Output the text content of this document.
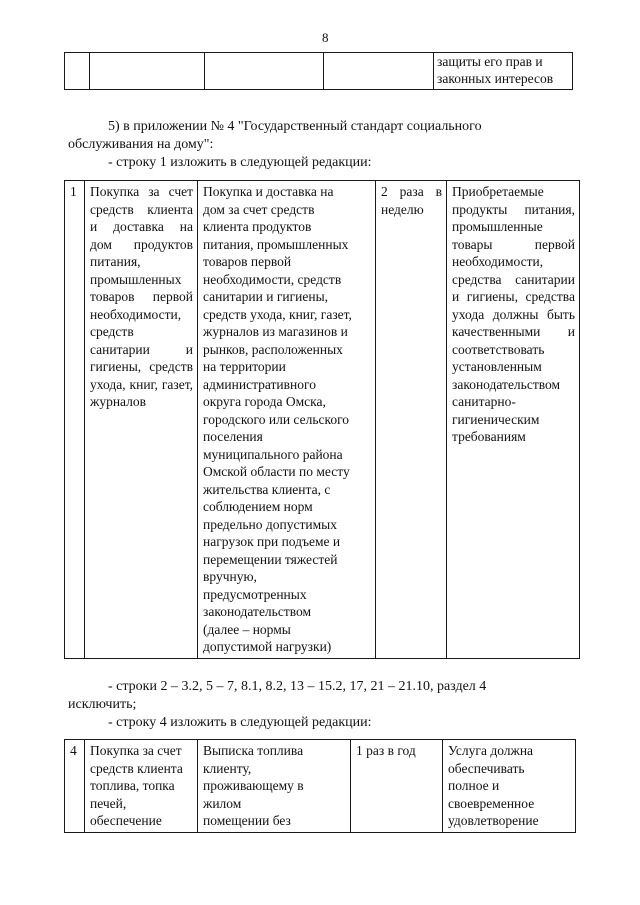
8
				защиты его прав и
законных интересов
5) в приложении № 4 "Государственный стандарт социального
обслуживания на дому":
- строку 1 изложить в следующей редакции:
1	Покупка за счет средств клиента и доставка на дом продуктов питания, промышленных товаров первой необходимости, средств санитарии и гигиены, средств ухода, книг, газет, журналов	Покупка и доставка на
дом за счет средств
клиента продуктов
питания, промышленных
товаров первой
необходимости, средств
санитарии и гигиены,
средств ухода, книг, газет,
журналов из магазинов и
рынков, расположенных
на территории
административного
округа города Омска,
городского или сельского
поселения
муниципального района
Омской области по месту
жительства клиента, с
соблюдением норм
предельно допустимых
нагрузок при подъеме и
перемещении тяжестей
вручную,
предусмотренных
законодательством
(далее – нормы
допустимой нагрузки)	2 раза в неделю	Приобретаемые продукты питания, промышленные товары первой необходимости, средства санитарии и гигиены, средства ухода должны быть качественными и соответствовать установленным законодательством санитарно-гигиеническим требованиям
- строки 2 – 3.2, 5 – 7, 8.1, 8.2, 13 – 15.2, 17, 21 – 21.10, раздел 4
исключить;
- строку 4 изложить в следующей редакции:
4	Покупка за счет
средств клиента
топлива, топка
печей,
обеспечение	Выписка топлива
клиенту,
проживающему в
жилом
помещении без	1 раз в год	Услуга должна
обеспечивать
полное и
своевременное
удовлетворение
